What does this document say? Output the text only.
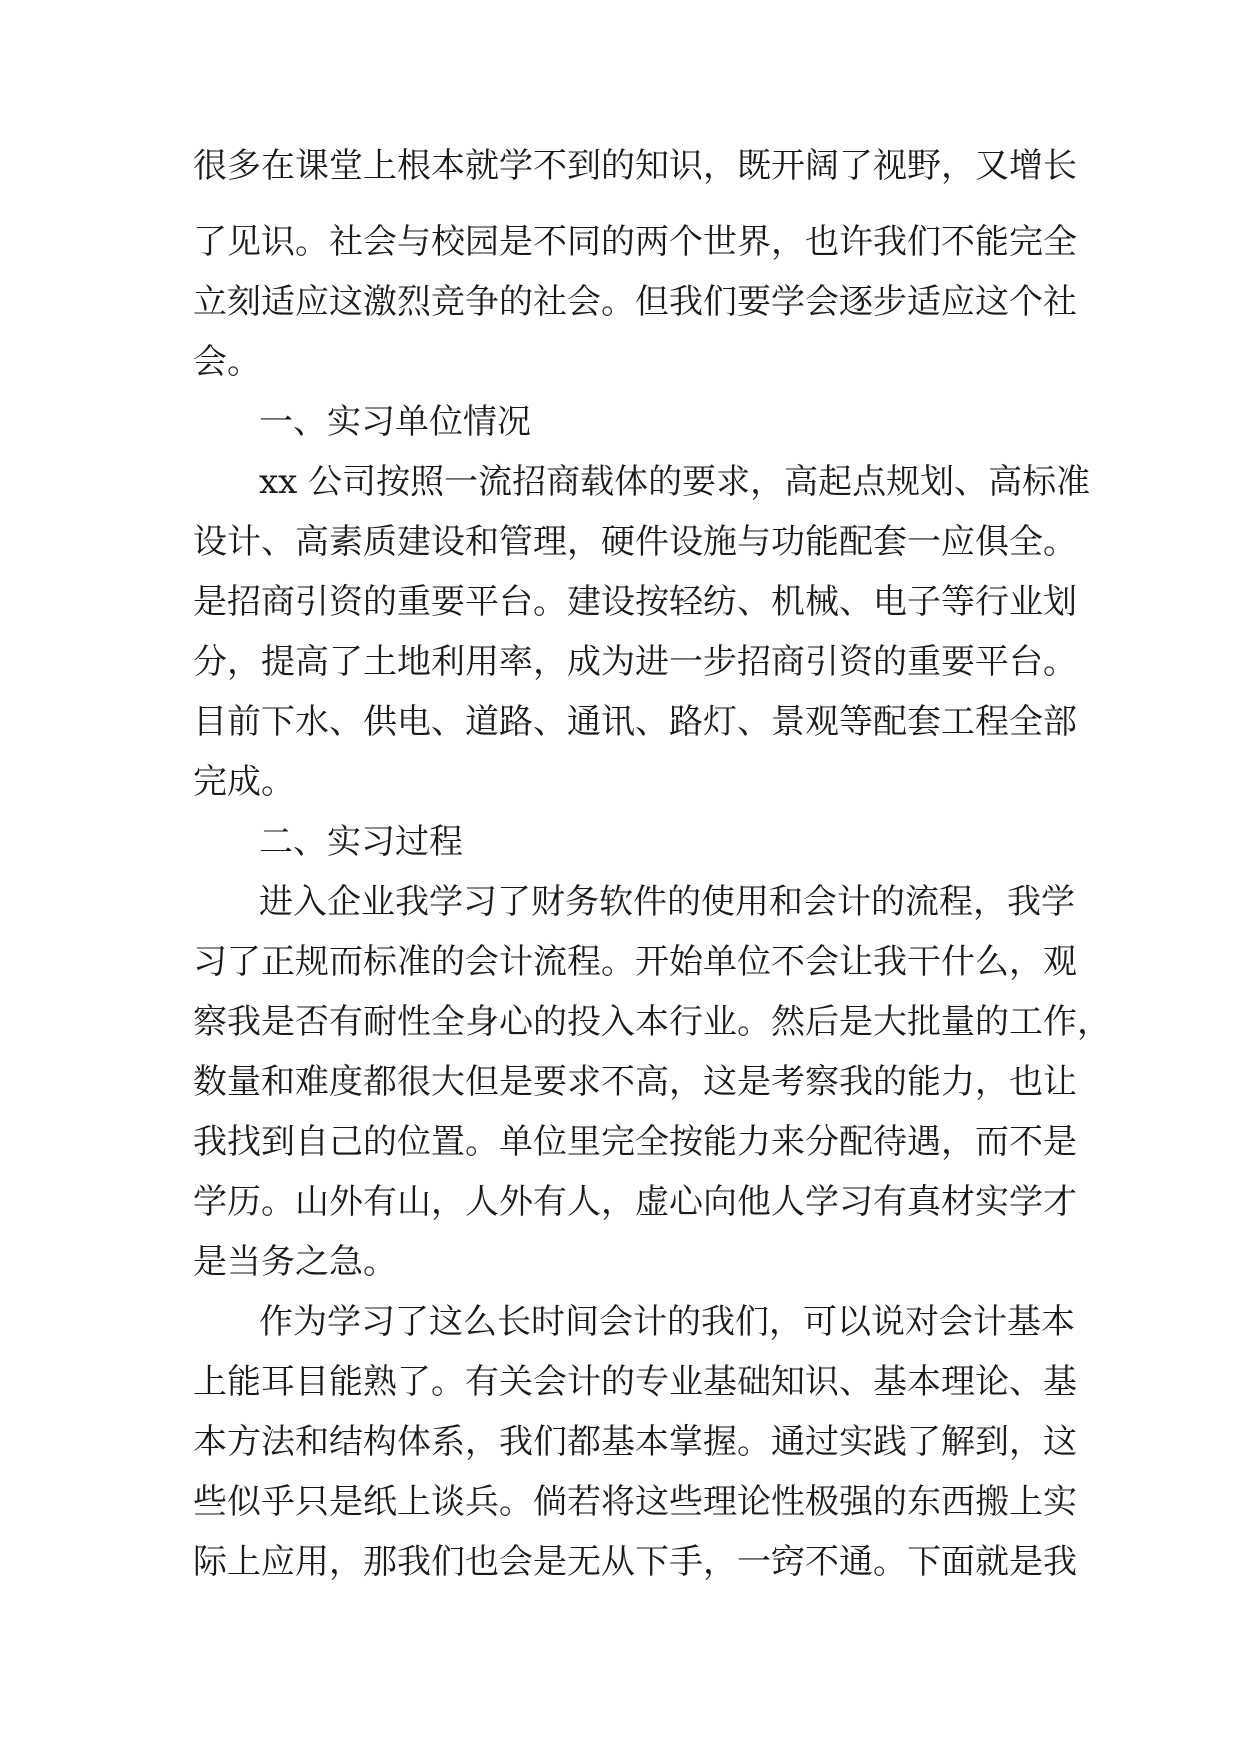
很多在课堂上根本就学不到的知识，既开阔了视野，又增长
了见识。社会与校园是不同的两个世界，也许我们不能完全
立刻适应这激烈竞争的社会。但我们要学会逐步适应这个社
会。
一、实习单位情况
xx 公司按照一流招商载体的要求，高起点规划、高标准
设计、高素质建设和管理，硬件设施与功能配套一应俱全。
是招商引资的重要平台。建设按轻纺、机械、电子等行业划
分，提高了土地利用率，成为进一步招商引资的重要平台。
目前下水、供电、道路、通讯、路灯、景观等配套工程全部
完成。
二、实习过程
进入企业我学习了财务软件的使用和会计的流程，我学
习了正规而标准的会计流程。开始单位不会让我干什么，观
察我是否有耐性全身心的投入本行业。然后是大批量的工作，
数量和难度都很大但是要求不高，这是考察我的能力，也让
我找到自己的位置。单位里完全按能力来分配待遇，而不是
学历。山外有山，人外有人，虚心向他人学习有真材实学才
是当务之急。
作为学习了这么长时间会计的我们，可以说对会计基本
上能耳目能熟了。有关会计的专业基础知识、基本理论、基
本方法和结构体系，我们都基本掌握。通过实践了解到，这
些似乎只是纸上谈兵。倘若将这些理论性极强的东西搬上实
际上应用，那我们也会是无从下手，一窍不通。下面就是我
